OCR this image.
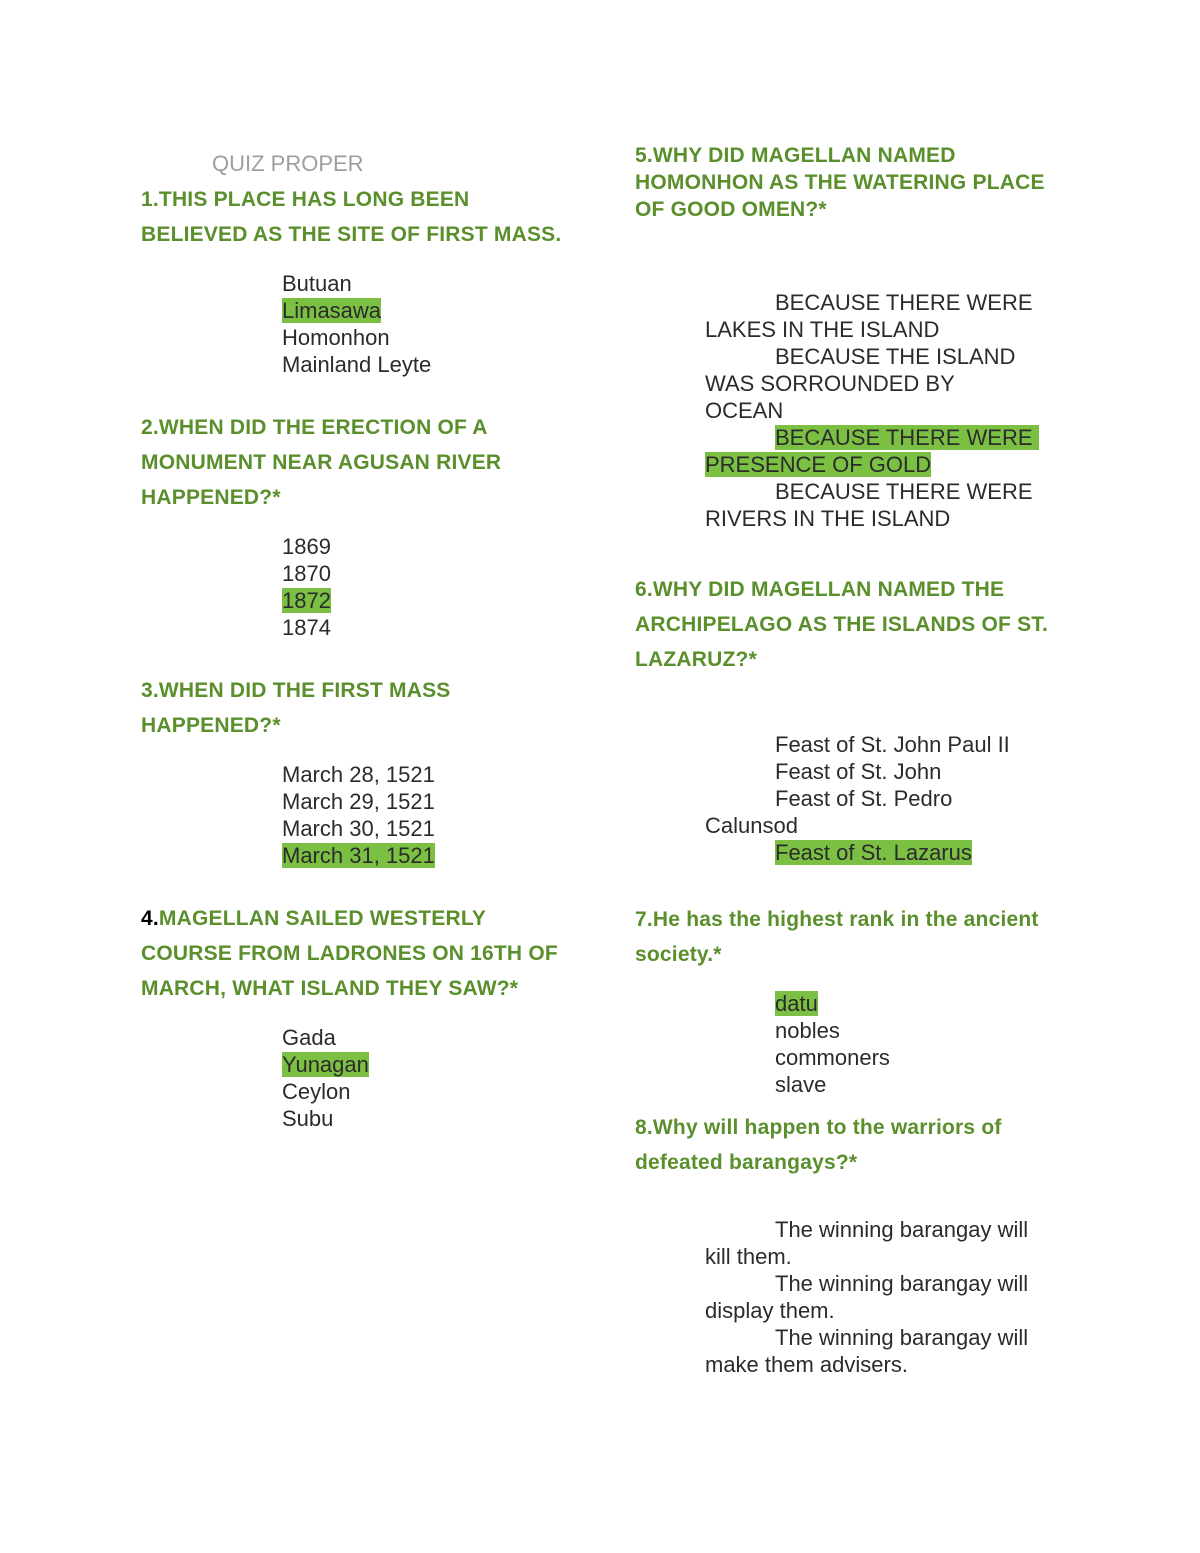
QUIZ PROPER

1.THIS PLACE HAS LONG BEEN BELIEVED AS THE SITE OF FIRST MASS.

Butuan
Limasawa
Homonhon
Mainland Leyte

2.WHEN DID THE ERECTION OF A MONUMENT NEAR AGUSAN RIVER HAPPENED?*

1869
1870
1872
1874

3.WHEN DID THE FIRST MASS HAPPENED?*

March 28, 1521
March 29, 1521
March 30, 1521
March 31, 1521

4.MAGELLAN SAILED WESTERLY COURSE FROM LADRONES ON 16TH OF MARCH, WHAT ISLAND THEY SAW?*

Gada
Yunagan
Ceylon
Subu

5.WHY DID MAGELLAN NAMED HOMONHON AS THE WATERING PLACE OF GOOD OMEN?*

BECAUSE THERE WERE
LAKES IN THE ISLAND
BECAUSE THE ISLAND
WAS SORROUNDED BY
OCEAN
BECAUSE THERE WERE
PRESENCE OF GOLD
BECAUSE THERE WERE
RIVERS IN THE ISLAND

6.WHY DID MAGELLAN NAMED THE ARCHIPELAGO AS THE ISLANDS OF ST. LAZARUZ?*

Feast of St. John Paul II
Feast of St. John
Feast of St. Pedro
Calunsod
Feast of St. Lazarus

7.He has the highest rank in the ancient society.*

datu
nobles
commoners
slave

8.Why will happen to the warriors of defeated barangays?*

The winning barangay will
kill them.
The winning barangay will
display them.
The winning barangay will
make them advisers.
